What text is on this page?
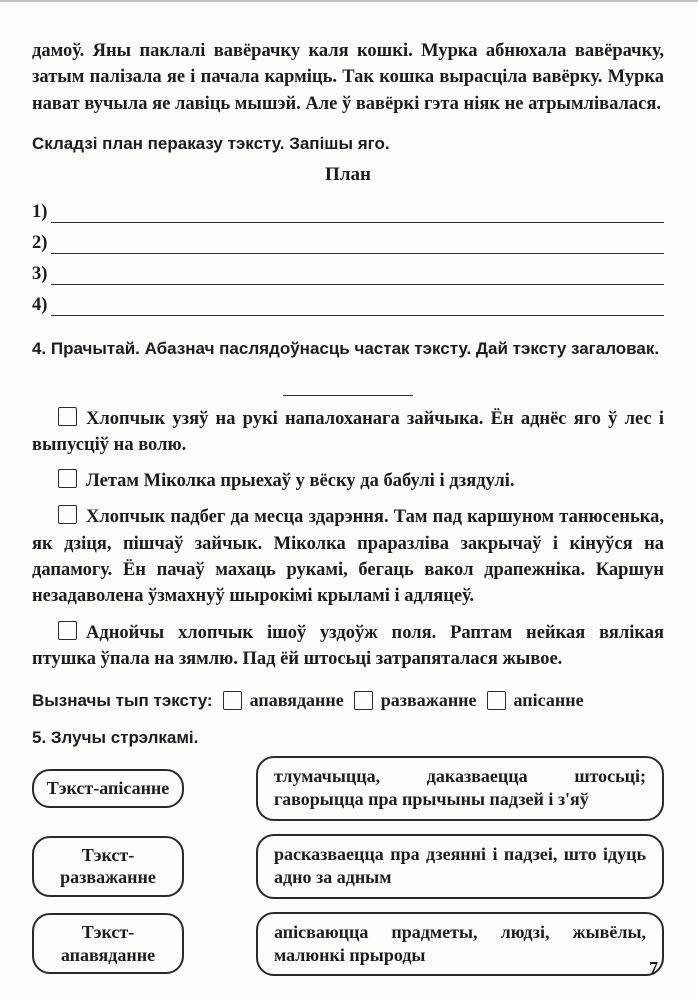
дамоў. Яны паклалі вавёрачку каля кошкі. Мурка абнюхала вавёрачку, затым палізала яе і пачала карміць. Так кошка вырасціла вавёрку. Мурка нават вучыла яе лавіць мышэй. Але ў вавёркі гэта ніяк не атрымлівалася.

Складзі план пераказу тэксту. Запішы яго.

План
1)
2)
3)
4)

4. Прачытай. Абазнач паслядоўнасць частак тэксту. Дай тэксту загаловак.

Хлопчык узяў на рукі напалоханага зайчыка. Ён аднёс яго ў лес і выпусціў на волю.

Летам Міколка прыехаў у вёску да бабулі і дзядулі.

Хлопчык падбег да месца здарэння. Там пад каршуном танюсенька, як дзіця, пішчаў зайчык. Міколка праразліва закрычаў і кінуўся на дапамогу. Ён пачаў махаць рукамі, бегаць вакол драпежніка. Каршун незадаволена ўзмахнуў шырокімі крыламі і адляцеў.

Аднойчы хлопчык ішоў уздоўж поля. Раптам нейкая вялікая птушка ўпала на зямлю. Пад ёй штосьці затрапяталася жывое.

Вызначы тып тэксту: апавяданне разважанне апісанне

5. Злучы стрэлкамі.

Тэкст-апісанне
тлумачыцца, даказваецца штосьці; гаворыцца пра прычыны падзей і з'яў
Тэкст-разважанне
расказваецца пра дзеянні і падзеі, што ідуць адно за адным
Тэкст-апавяданне
апісваюцца прадметы, людзі, жывёлы, малюнкі прыроды
7
